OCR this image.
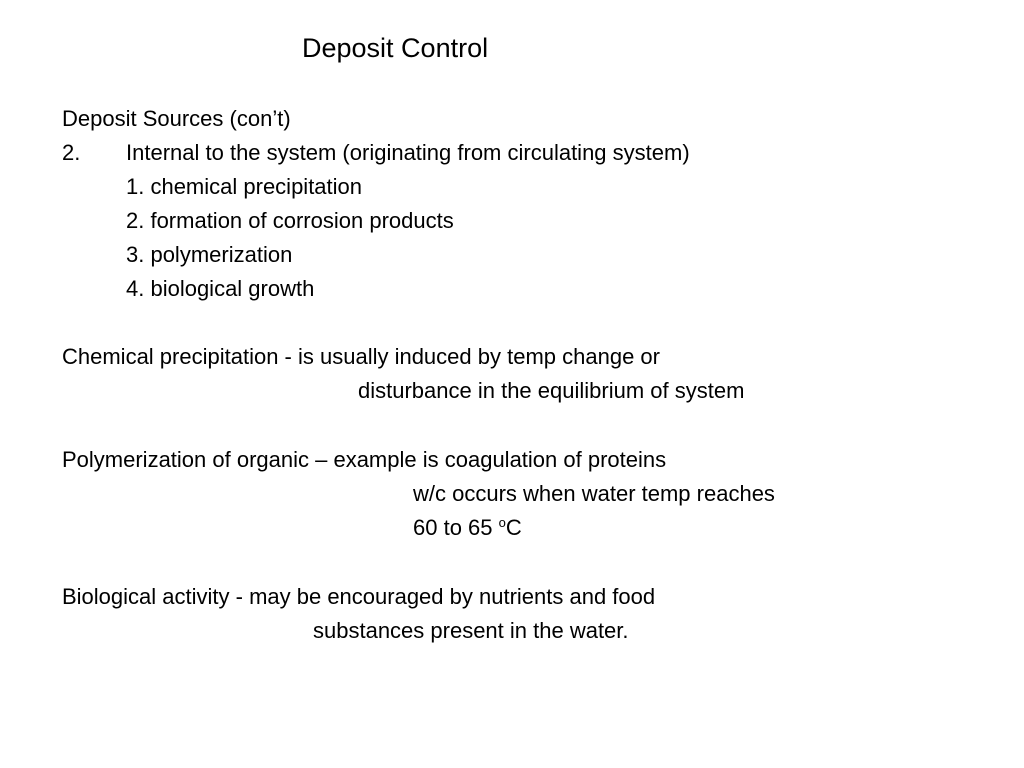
Deposit Control
Deposit Sources (con’t)
2. Internal to the system (originating from circulating system)
1. chemical precipitation
2. formation of corrosion products
3. polymerization
4. biological growth
Chemical precipitation - is usually induced by temp change or
disturbance in the equilibrium of system
Polymerization of organic – example is coagulation of proteins
w/c occurs when water temp reaches
60 to 65 $^o$C
Biological activity - may be encouraged by nutrients and food
substances present in the water.
